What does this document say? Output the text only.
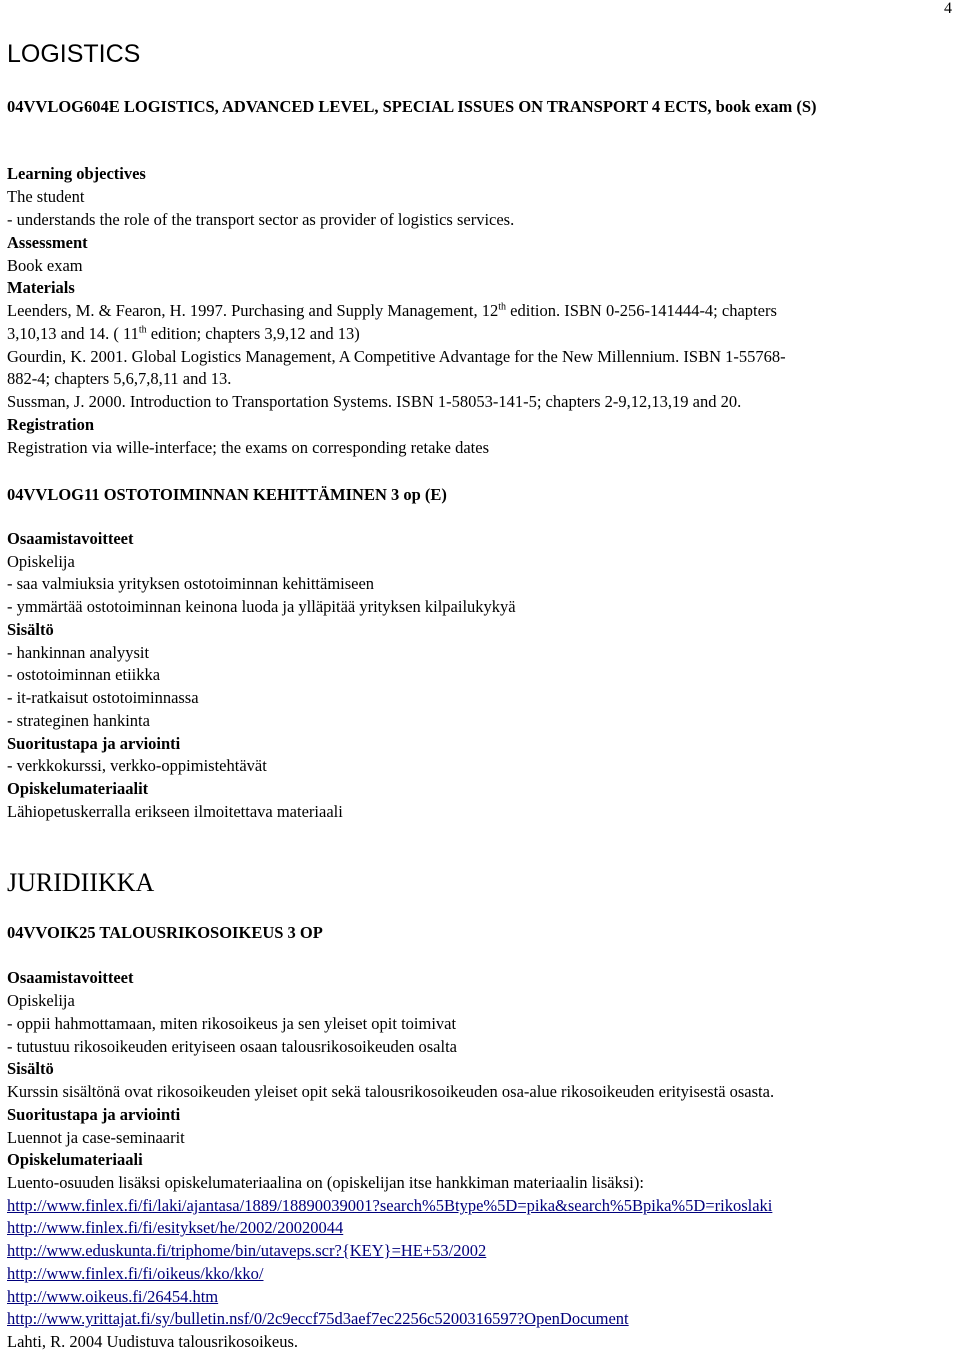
4
LOGISTICS
04VVLOG604E LOGISTICS, ADVANCED LEVEL, SPECIAL ISSUES ON TRANSPORT 4 ECTS, book exam (S)
Learning objectives
The student
- understands the role of the transport sector as provider of logistics services.
Assessment
Book exam
Materials
Leenders, M. & Fearon, H. 1997. Purchasing and Supply Management, 12th edition. ISBN 0-256-141444-4; chapters
3,10,13 and 14. ( 11th edition; chapters 3,9,12 and 13)
Gourdin, K. 2001. Global Logistics Management, A Competitive Advantage for the New Millennium. ISBN 1-55768-
882-4; chapters 5,6,7,8,11 and 13.
Sussman, J. 2000. Introduction to Transportation Systems. ISBN 1-58053-141-5; chapters 2-9,12,13,19 and 20.
Registration
Registration via wille-interface; the exams on corresponding retake dates
04VVLOG11 OSTOTOIMINNAN KEHITTÄMINEN 3 op (E)
Osaamistavoitteet
Opiskelija
- saa valmiuksia yrityksen ostotoiminnan kehittämiseen
- ymmärtää ostotoiminnan keinona luoda ja ylläpitää yrityksen kilpailukykyä
Sisältö
- hankinnan analyysit
- ostotoiminnan etiikka
- it-ratkaisut ostotoiminnassa
- strateginen hankinta
Suoritustapa ja arviointi
- verkkokurssi, verkko-oppimistehtävät
Opiskelumateriaalit
Lähiopetuskerralla erikseen ilmoitettava materiaali
JURIDIIKKA
04VVOIK25 TALOUSRIKOSOIKEUS 3 OP
Osaamistavoitteet
Opiskelija
- oppii hahmottamaan, miten rikosoikeus ja sen yleiset opit toimivat
- tutustuu rikosoikeuden erityiseen osaan talousrikosoikeuden osalta
Sisältö
Kurssin sisältönä ovat rikosoikeuden yleiset opit sekä talousrikosoikeuden osa-alue rikosoikeuden erityisestä osasta.
Suoritustapa ja arviointi
Luennot ja case-seminaarit
Opiskelumateriaali
Luento-osuuden lisäksi opiskelumateriaalina on (opiskelijan itse hankkiman materiaalin lisäksi):
http://www.finlex.fi/fi/laki/ajantasa/1889/18890039001?search%5Btype%5D=pika&search%5Bpika%5D=rikoslaki
http://www.finlex.fi/fi/esitykset/he/2002/20020044
http://www.eduskunta.fi/triphome/bin/utaveps.scr?{KEY}=HE+53/2002
http://www.finlex.fi/fi/oikeus/kko/kko/
http://www.oikeus.fi/26454.htm
http://www.yrittajat.fi/sy/bulletin.nsf/0/2c9eccf75d3aef7ec2256c5200316597?OpenDocument
Lahti, R. 2004 Uudistuva talousrikosoikeus.
